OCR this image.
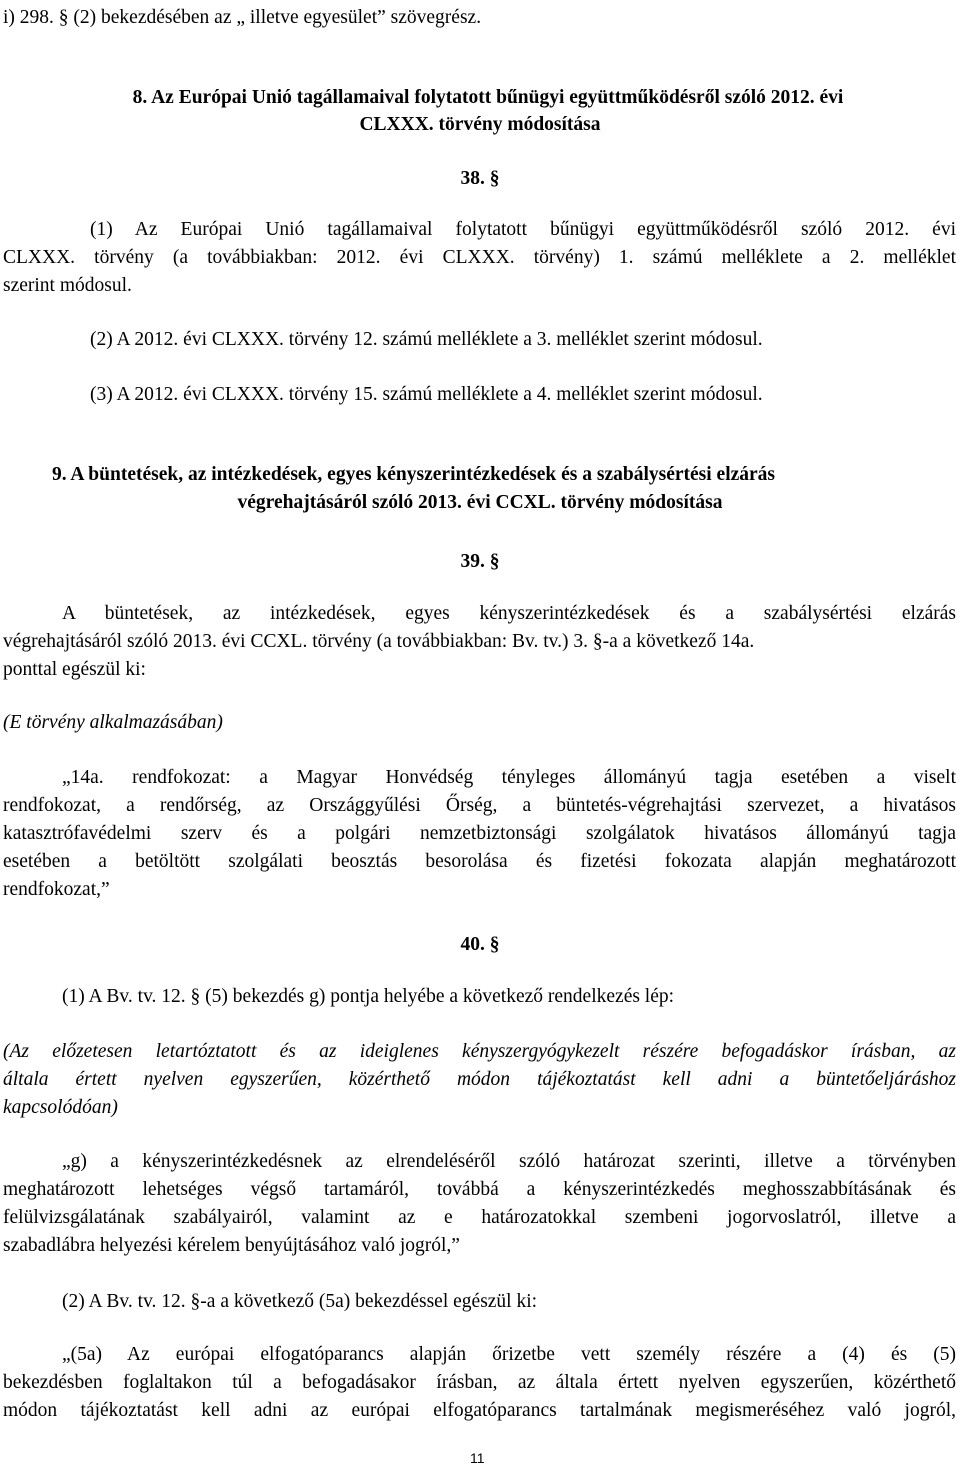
i) 298. § (2) bekezdésében az „ illetve egyesület” szövegrész.
8. Az Európai Unió tagállamaival folytatott bűnügyi együttműködésről szóló 2012. évi
CLXXX. törvény módosítása
38. §
(1) Az Európai Unió tagállamaival folytatott bűnügyi együttműködésről szóló 2012. évi
CLXXX. törvény (a továbbiakban: 2012. évi CLXXX. törvény) 1. számú melléklete a 2. melléklet
szerint módosul.
(2) A 2012. évi CLXXX. törvény 12. számú melléklete a 3. melléklet szerint módosul.
(3) A 2012. évi CLXXX. törvény 15. számú melléklete a 4. melléklet szerint módosul.
9. A büntetések, az intézkedések, egyes kényszerintézkedések és a szabálysértési elzárás
végrehajtásáról szóló 2013. évi CCXL. törvény módosítása
39. §
A büntetések, az intézkedések, egyes kényszerintézkedések és a szabálysértési elzárás
végrehajtásáról szóló 2013. évi CCXL. törvény (a továbbiakban: Bv. tv.) 3. §-a a következő 14a.
ponttal egészül ki:
(E törvény alkalmazásában)
„14a. rendfokozat: a Magyar Honvédség tényleges állományú tagja esetében a viselt
rendfokozat, a rendőrség, az Országgyűlési Őrség, a büntetés-végrehajtási szervezet, a hivatásos
katasztrófavédelmi szerv és a polgári nemzetbiztonsági szolgálatok hivatásos állományú tagja
esetében a betöltött szolgálati beosztás besorolása és fizetési fokozata alapján meghatározott
rendfokozat,”
40. §
(1) A Bv. tv. 12. § (5) bekezdés g) pontja helyébe a következő rendelkezés lép:
(Az előzetesen letartóztatott és az ideiglenes kényszergyógykezelt részére befogadáskor írásban, az
általa értett nyelven egyszerűen, közérthető módon tájékoztatást kell adni a büntetőeljáráshoz
kapcsolódóan)
„g) a kényszerintézkedésnek az elrendeléséről szóló határozat szerinti, illetve a törvényben
meghatározott lehetséges végső tartamáról, továbbá a kényszerintézkedés meghosszabbításának és
felülvizsgálatának szabályairól, valamint az e határozatokkal szembeni jogorvoslatról, illetve a
szabadlábra helyezési kérelem benyújtásához való jogról,”
(2) A Bv. tv. 12. §-a a következő (5a) bekezdéssel egészül ki:
„(5a) Az európai elfogatóparancs alapján őrizetbe vett személy részére a (4) és (5)
bekezdésben foglaltakon túl a befogadásakor írásban, az általa értett nyelven egyszerűen, közérthető
módon tájékoztatást kell adni az európai elfogatóparancs tartalmának megismeréséhez való jogról,
11
